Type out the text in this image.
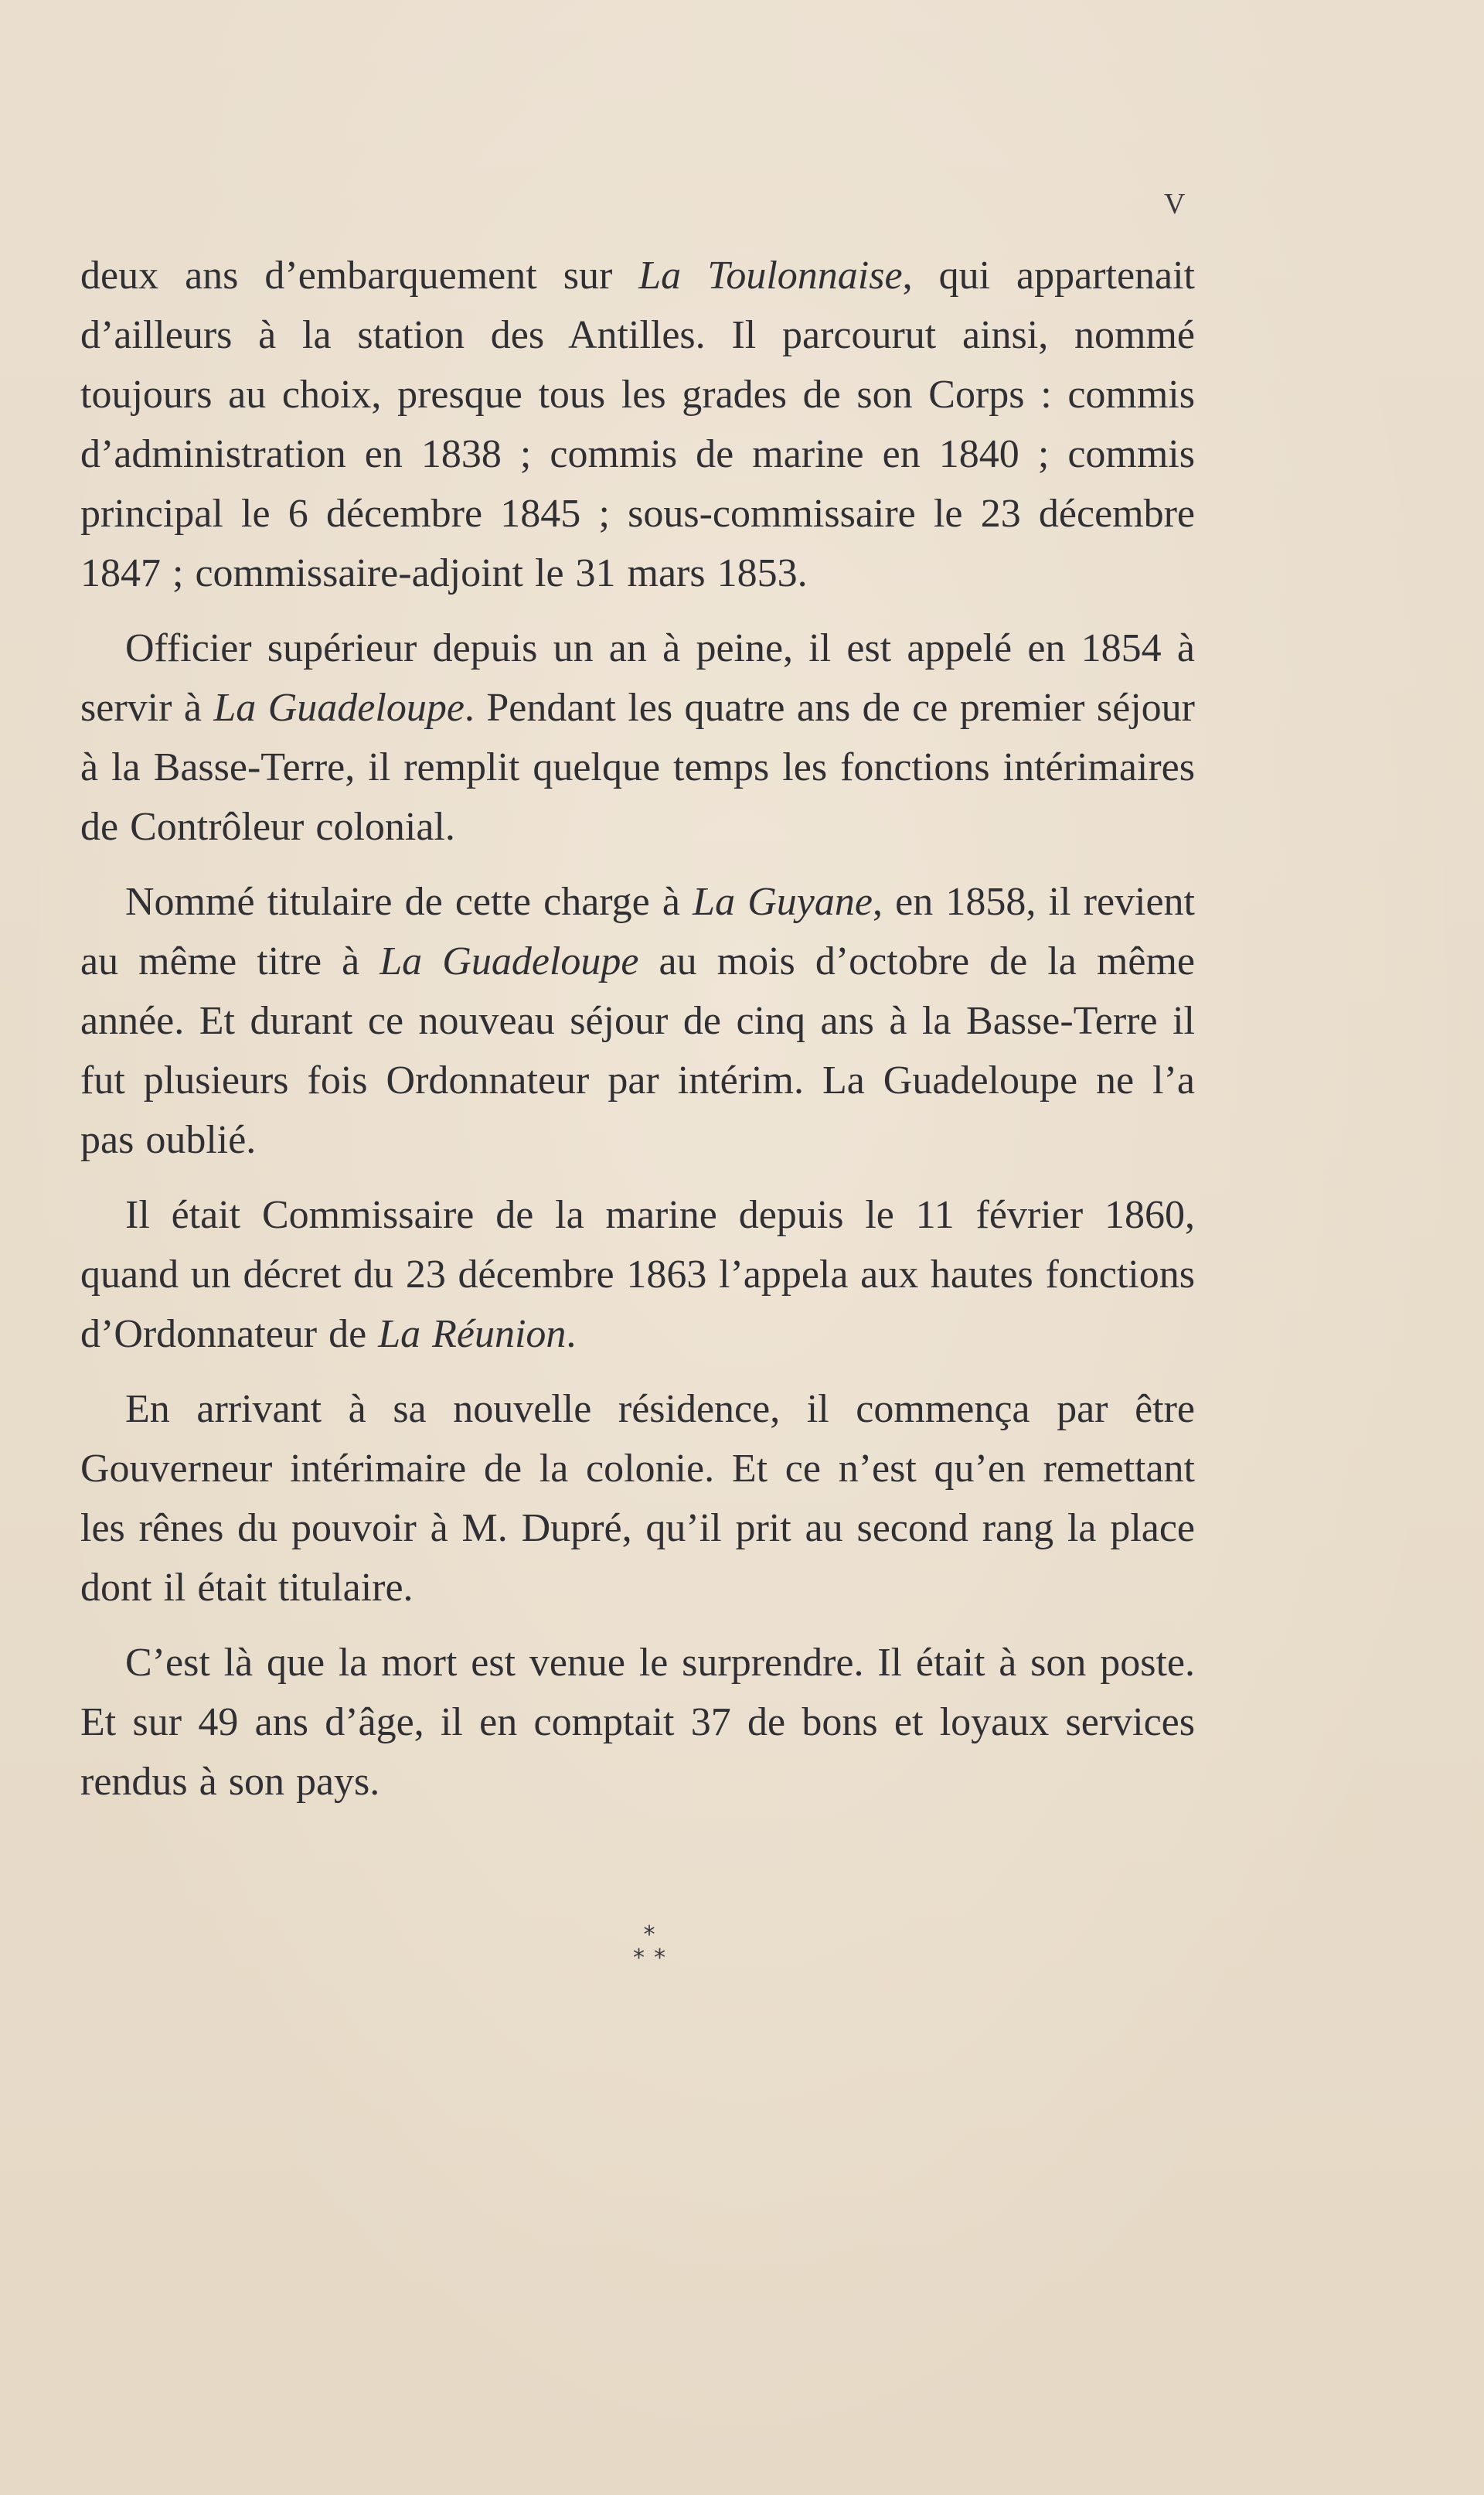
V

deux ans d’embarquement sur La Toulonnaise, qui appartenait d’ailleurs à la station des Antilles. Il parcourut ainsi, nommé toujours au choix, presque tous les grades de son Corps : commis d’administration en 1838 ; commis de marine en 1840 ; commis principal le 6 décembre 1845 ; sous-commissaire le 23 décembre 1847 ; commissaire-adjoint le 31 mars 1853.

Officier supérieur depuis un an à peine, il est appelé en 1854 à servir à La Guadeloupe. Pendant les quatre ans de ce premier séjour à la Basse-Terre, il remplit quelque temps les fonctions intérimaires de Contrôleur colonial.

Nommé titulaire de cette charge à La Guyane, en 1858, il revient au même titre à La Guadeloupe au mois d’octobre de la même année. Et durant ce nouveau séjour de cinq ans à la Basse-Terre il fut plusieurs fois Ordonnateur par intérim. La Guadeloupe ne l’a pas oublié.

Il était Commissaire de la marine depuis le 11 février 1860, quand un décret du 23 décembre 1863 l’appela aux hautes fonctions d’Ordonnateur de La Réunion.

En arrivant à sa nouvelle résidence, il commença par être Gouverneur intérimaire de la colonie. Et ce n’est qu’en remettant les rênes du pouvoir à M. Dupré, qu’il prit au second rang la place dont il était titulaire.

C’est là que la mort est venue le surprendre. Il était à son poste. Et sur 49 ans d’âge, il en comptait 37 de bons et loyaux services rendus à son pays.

*
**
